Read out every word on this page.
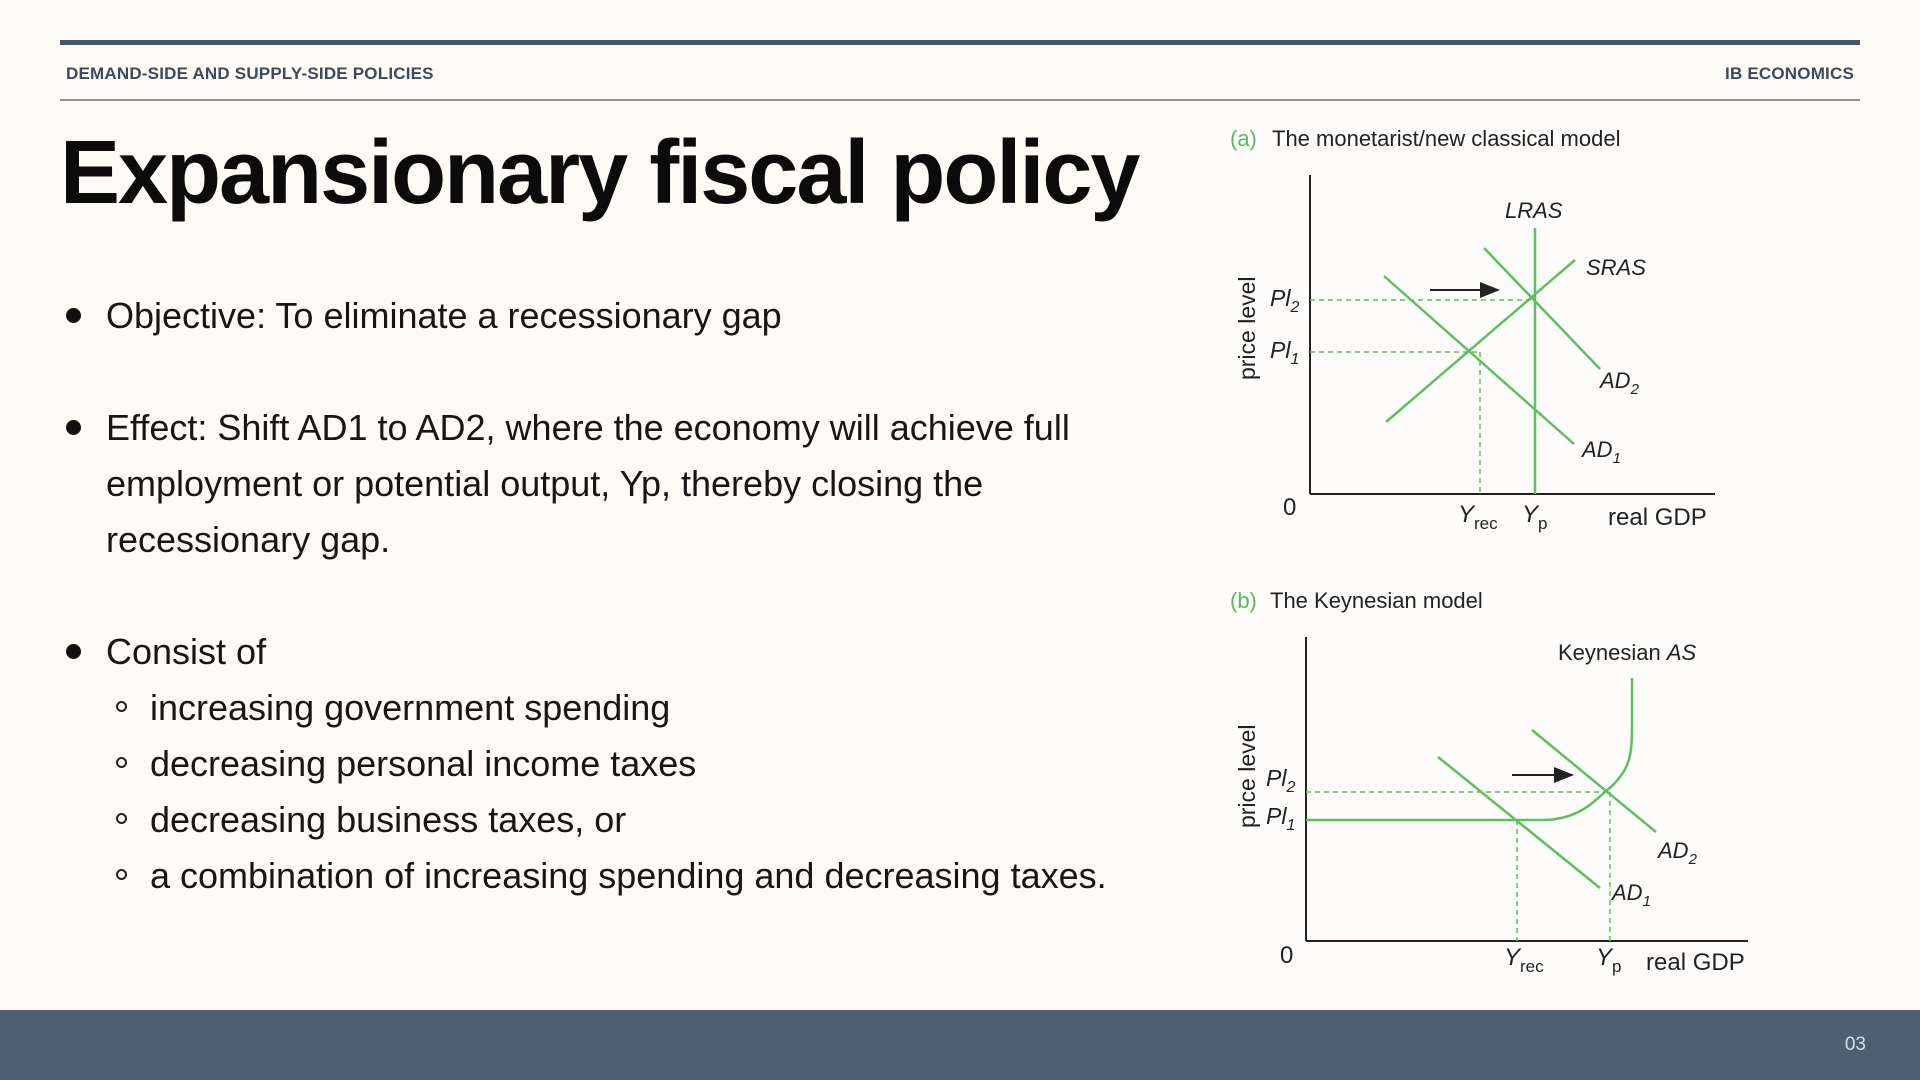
DEMAND-SIDE AND SUPPLY-SIDE POLICIES	IB ECONOMICS
Expansionary fiscal policy
Objective: To eliminate a recessionary gap
Effect: Shift AD1 to AD2, where the economy will achieve full employment or potential output, Yp, thereby closing the recessionary gap.
Consist of
increasing government spending
decreasing personal income taxes
decreasing business taxes, or
a combination of increasing spending and decreasing taxes.
(a) The monetarist/new classical model
price level
0	real GDP
LRAS
SRAS
$AD_2$
$AD_1$
$Pl_2$
$Pl_1$
$Y_{rec}$ $Y_p$
(b) The Keynesian model
price level
0	real GDP
Keynesian AS
$AD_2$
$AD_1$
$Pl_2$
$Pl_1$
$Y_{rec}$ $Y_p$
03
